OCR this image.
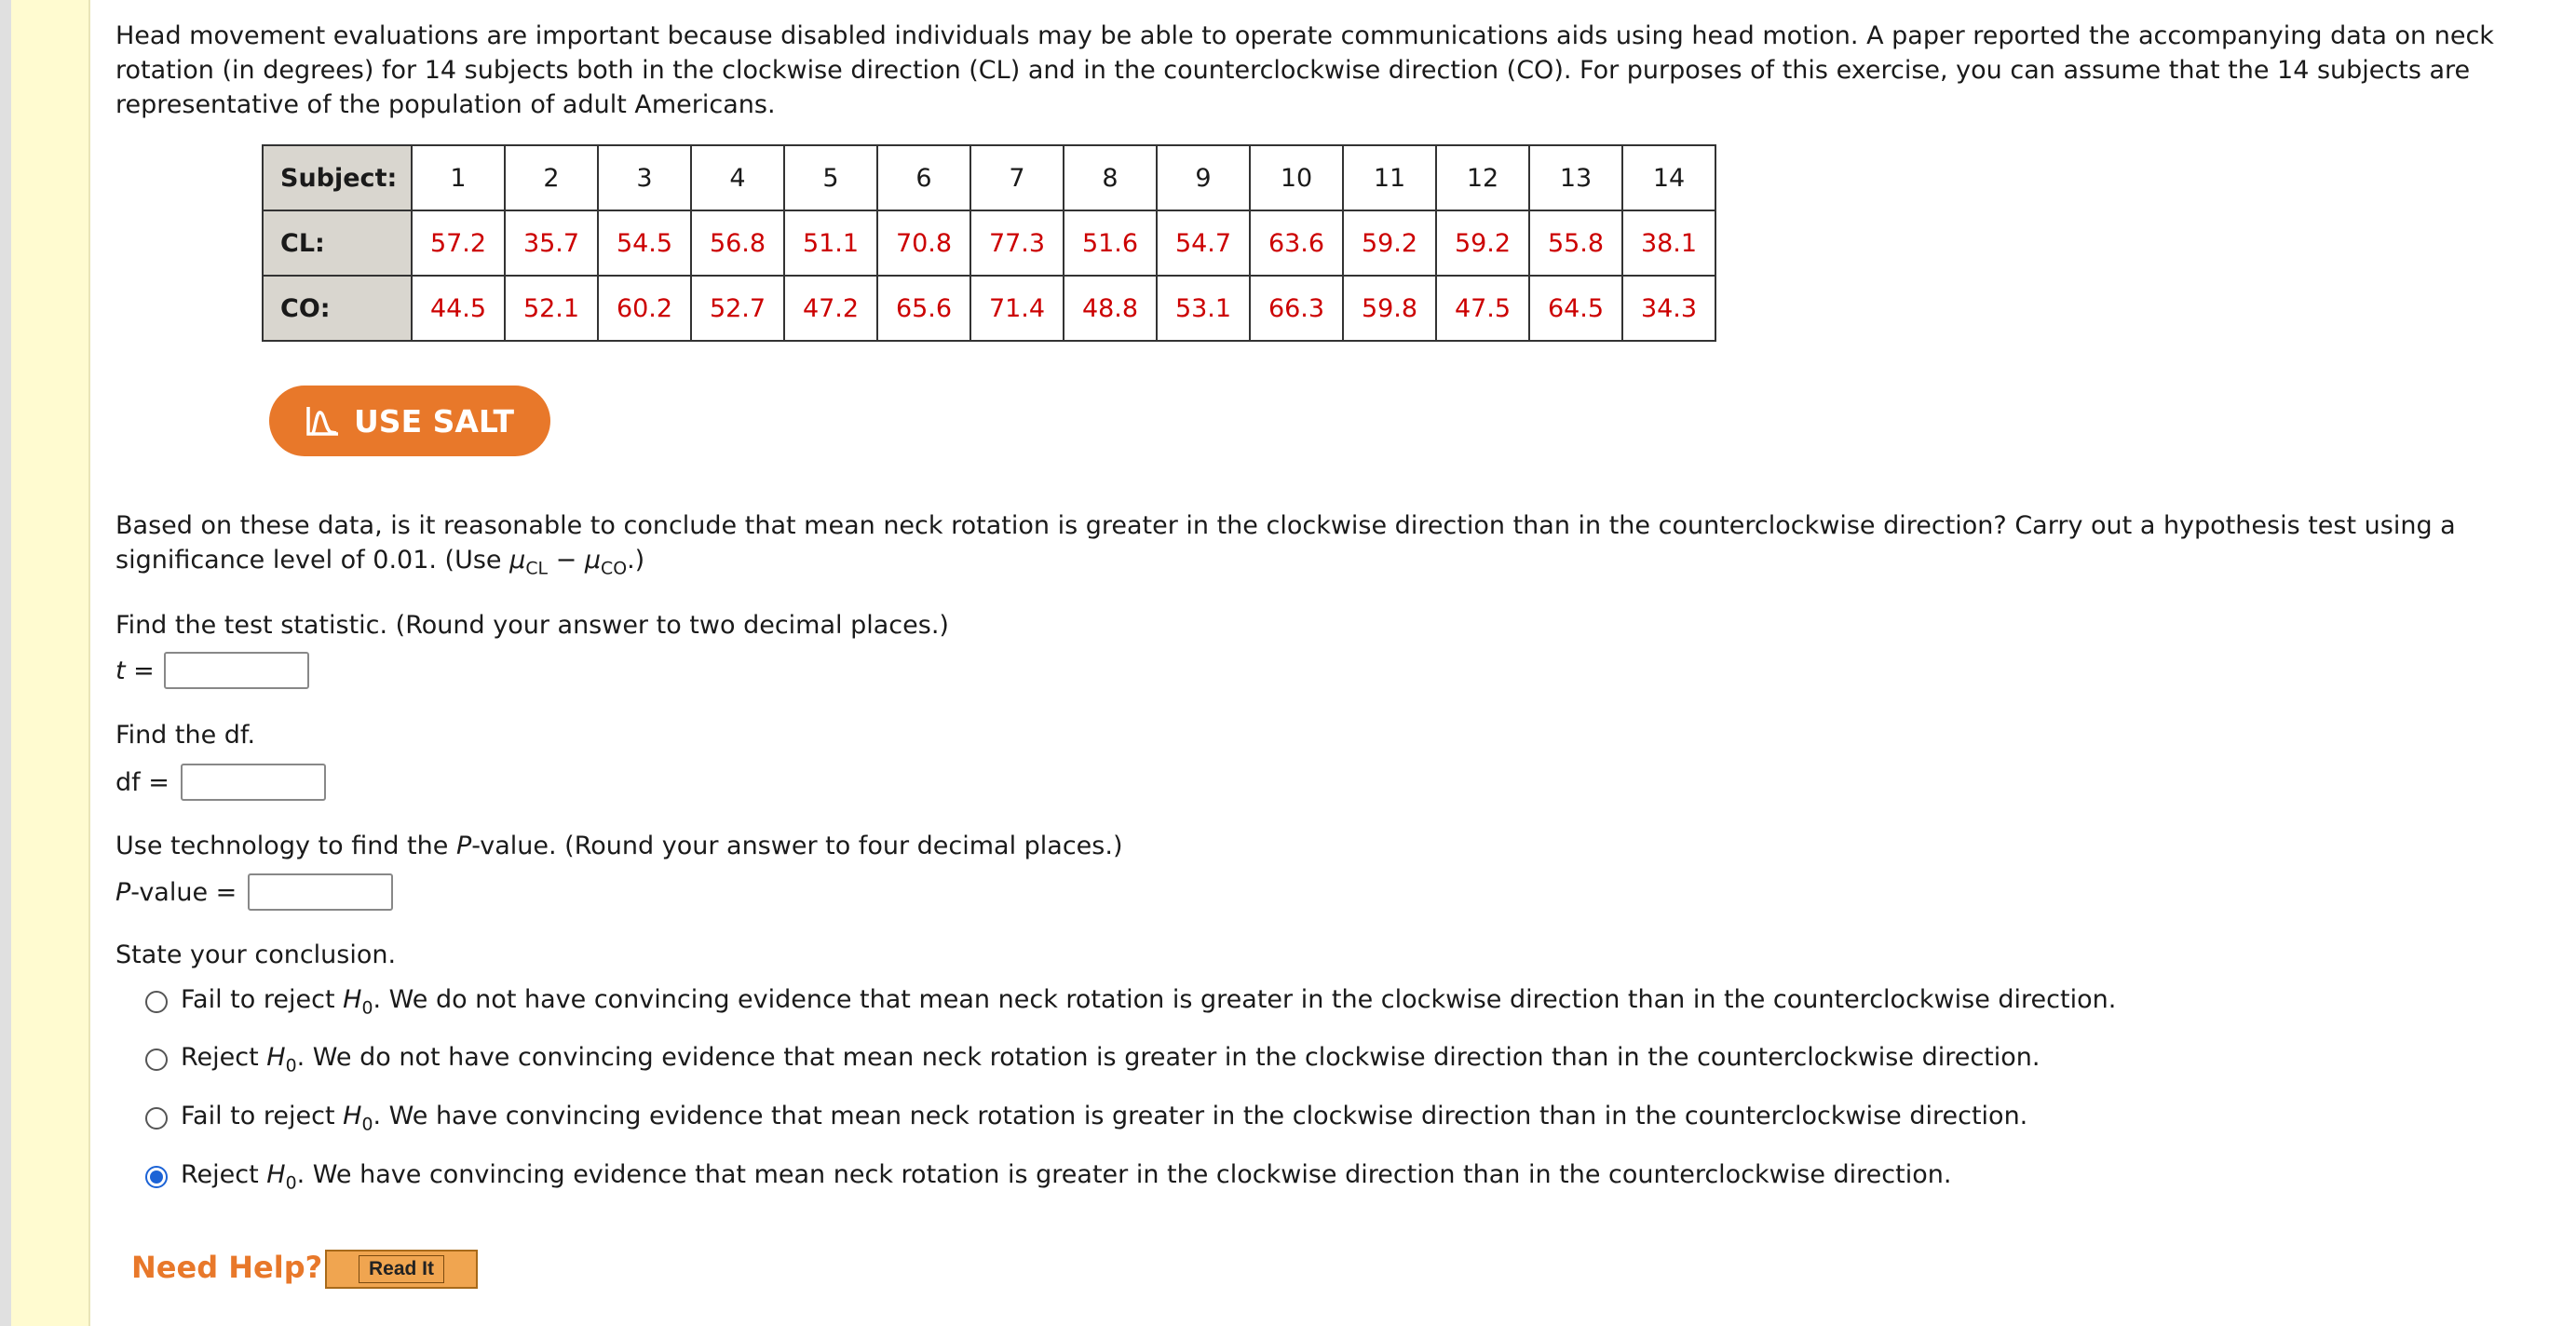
Head movement evaluations are important because disabled individuals may be able to operate communications aids using head motion. A paper reported the accompanying data on neck rotation (in degrees) for 14 subjects both in the clockwise direction (CL) and in the counterclockwise direction (CO). For purposes of this exercise, you can assume that the 14 subjects are representative of the population of adult Americans.
Subject:	1	2	3	4	5	6	7	8	9	10	11	12	13	14
CL:	57.2	35.7	54.5	56.8	51.1	70.8	77.3	51.6	54.7	63.6	59.2	59.2	55.8	38.1
CO:	44.5	52.1	60.2	52.7	47.2	65.6	71.4	48.8	53.1	66.3	59.8	47.5	64.5	34.3
USE SALT
Based on these data, is it reasonable to conclude that mean neck rotation is greater in the clockwise direction than in the counterclockwise direction? Carry out a hypothesis test using a significance level of 0.01. (Use $\mu_{CL} - \mu_{CO}$.)
Find the test statistic. (Round your answer to two decimal places.)
t =
Find the df.
df =
Use technology to find the P-value. (Round your answer to four decimal places.)
P -value =
State your conclusion.
Fail to reject $H_0$. We do not have convincing evidence that mean neck rotation is greater in the clockwise direction than in the counterclockwise direction.
Reject $H_0$. We do not have convincing evidence that mean neck rotation is greater in the clockwise direction than in the counterclockwise direction.
Fail to reject $H_0$. We have convincing evidence that mean neck rotation is greater in the clockwise direction than in the counterclockwise direction.
Reject $H_0$. We have convincing evidence that mean neck rotation is greater in the clockwise direction than in the counterclockwise direction.
Need Help?	Read It
